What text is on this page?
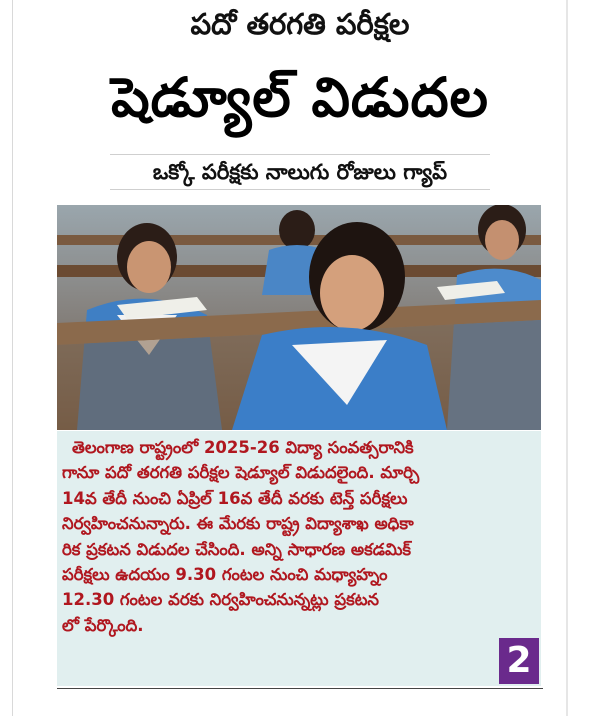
పదో తరగతి పరీక్షల
షెడ్యూల్ విడుదల
ఒక్కో పరీక్షకు నాలుగు రోజులు గ్యాప్
తెలంగాణ రాష్ట్రంలో 2025-26 విద్యా సంవత్సరానికి
గానూ పదో తరగతి పరీక్షల షెడ్యూల్ విడుదలైంది. మార్చి
14వ తేదీ నుంచి ఏప్రిల్ 16వ తేదీ వరకు టెన్త్ పరీక్షలు
నిర్వహించనున్నారు. ఈ మేరకు రాష్ట్ర విద్యాశాఖ అధికా
రిక ప్రకటన విడుదల చేసింది. అన్ని సాధారణ అకడమిక్
పరీక్షలు ఉదయం 9.30 గంటల నుంచి మధ్యాహ్నం
12.30 గంటల వరకు నిర్వహించనున్నట్లు ప్రకటన
లో పేర్కొంది.
2
